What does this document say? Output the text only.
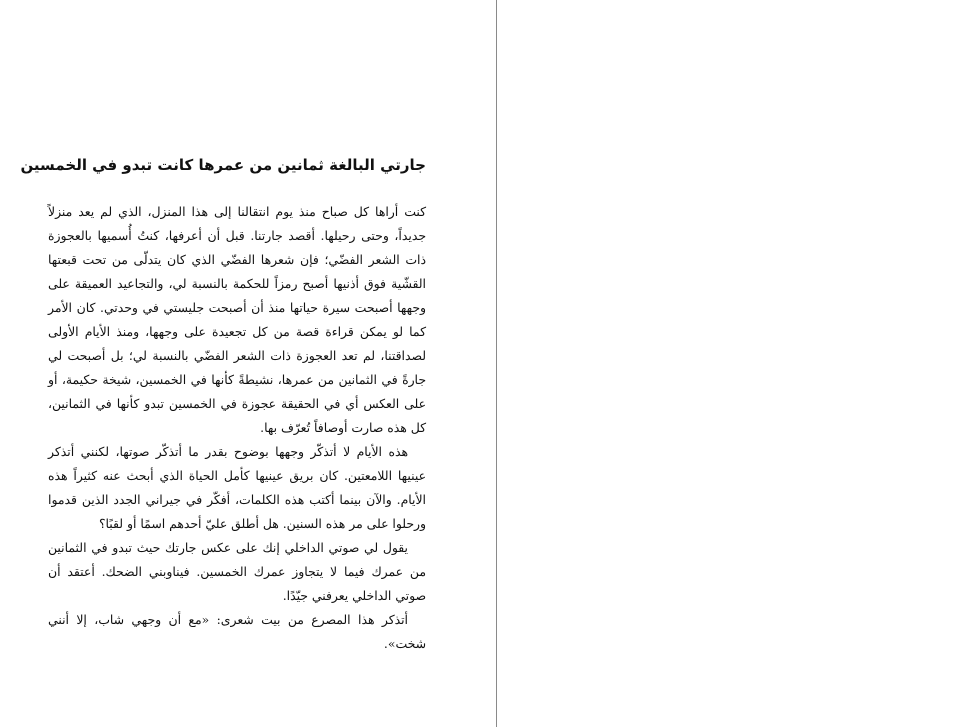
جارتي البالغة ثمانين من عمرها كانت تبدو في الخمسين

كنت أراها كل صباح منذ يوم انتقالنا إلى هذا المنزل، الذي لم يعد منزلاً جديداً، وحتى رحيلها. أقصد جارتنا. قبل أن أعرفها، كنتُ أُسميها بالعجوزة ذات الشعر الفضّي؛ فإن شعرها الفضّي الذي كان يتدلّى من تحت قبعتها القشّية فوق أذنيها أصبح رمزاً للحكمة بالنسبة لي، والتجاعيد العميقة على وجهها أصبحت سيرة حياتها منذ أن أصبحت جليستي في وحدتي. كان الأمر كما لو يمكن قراءة قصة من كل تجعيدة على وجهها، ومنذ الأيام الأولى لصداقتنا، لم تعد العجوزة ذات الشعر الفضّي بالنسبة لي؛ بل أصبحت لي جارةً في الثمانين من عمرها، نشيطةً كأنها في الخمسين، شيخة حكيمة، أو على العكس أي في الحقيقة عجوزة في الخمسين تبدو كأنها في الثمانين، كل هذه صارت أوصافاً تُعرّف بها.

هذه الأيام لا أتذكّر وجهها بوضوح بقدر ما أتذكّر صوتها، لكنني أتذكر عينيها اللامعتين. كان بريق عينيها كأمل الحياة الذي أبحث عنه كثيراً هذه الأيام. والآن بينما أكتب هذه الكلمات، أفكّر في جيراني الجدد الذين قدموا ورحلوا على مر هذه السنين. هل أطلق عليّ أحدهم اسمًا أو لقبًا؟

يقول لي صوتي الداخلي إنك على عكس جارتك حيث تبدو في الثمانين من عمرك فيما لا يتجاوز عمرك الخمسين. فيناوبني الضحك. أعتقد أن صوتي الداخلي يعرفني جيّدًا.

أتذكر هذا المصرع من بيت شعرى: «مع أن وجهي شاب، إلا أنني شخت».
